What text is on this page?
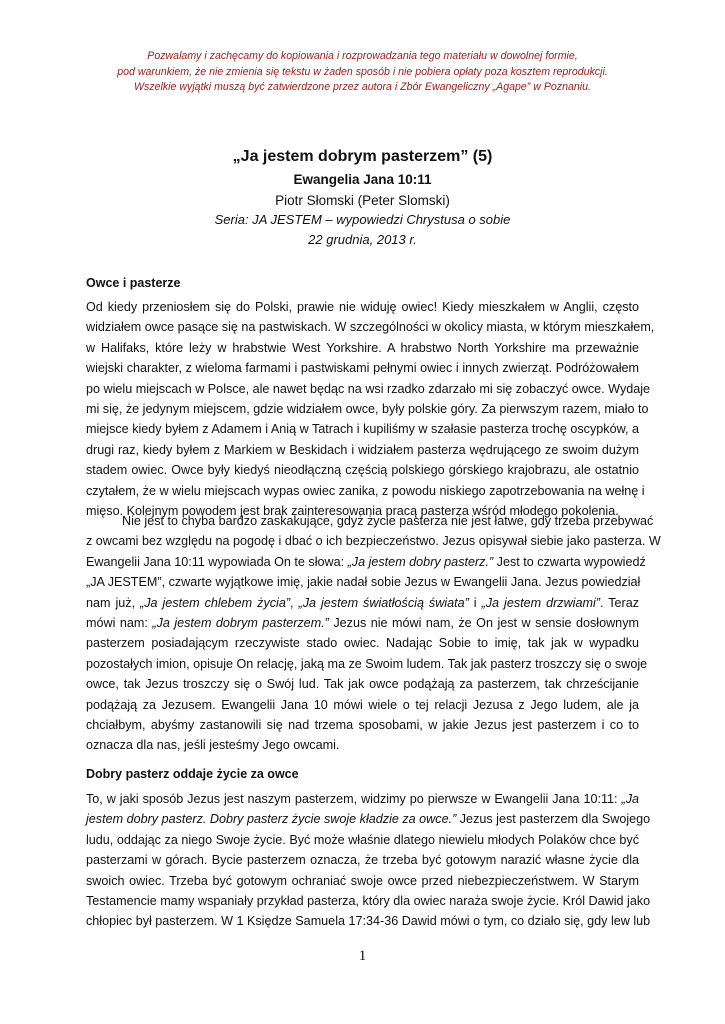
Pozwalamy i zachęcamy do kopiowania i rozprowadzania tego materiału w dowolnej formie,
pod warunkiem, że nie zmienia się tekstu w żaden sposób i nie pobiera opłaty poza kosztem reprodukcji.
Wszelkie wyjątki muszą być zatwierdzone przez autora i Zbór Ewangeliczny „Agape” w Poznaniu.
„Ja jestem dobrym pasterzem” (5)
Ewangelia Jana 10:11
Piotr Słomski (Peter Slomski)
Seria: JA JESTEM – wypowiedzi Chrystusa o sobie
22 grudnia, 2013 r.
Owce i pasterze
Od kiedy przeniosłem się do Polski, prawie nie widuję owiec! Kiedy mieszkałem w Anglii, często
widziałem owce pasące się na pastwiskach. W szczególności w okolicy miasta, w którym mieszkałem,
w Halifaks, które leży w hrabstwie West Yorkshire. A hrabstwo North Yorkshire ma przeważnie
wiejski charakter, z wieloma farmami i pastwiskami pełnymi owiec i innych zwierząt. Podróżowałem
po wielu miejscach w Polsce, ale nawet będąc na wsi rzadko zdarzało mi się zobaczyć owce. Wydaje
mi się, że jedynym miejscem, gdzie widziałem owce, były polskie góry. Za pierwszym razem, miało to
miejsce kiedy byłem z Adamem i Anią w Tatrach i kupiliśmy w szałasie pasterza trochę oscypków, a
drugi raz, kiedy byłem z Markiem w Beskidach i widziałem pasterza wędrującego ze swoim dużym
stadem owiec. Owce były kiedyś nieodłączną częścią polskiego górskiego krajobrazu, ale ostatnio
czytałem, że w wielu miejscach wypas owiec zanika, z powodu niskiego zapotrzebowania na wełnę i
mięso. Kolejnym powodem jest brak zainteresowania pracą pasterza wśród młodego pokolenia.
Nie jest to chyba bardzo zaskakujące, gdyż życie pasterza nie jest łatwe, gdy trzeba przebywać
z owcami bez względu na pogodę i dbać o ich bezpieczeństwo. Jezus opisywał siebie jako pasterza. W
Ewangelii Jana 10:11 wypowiada On te słowa: „Ja jestem dobry pasterz.” Jest to czwarta wypowiedź
„JA JESTEM”, czwarte wyjątkowe imię, jakie nadał sobie Jezus w Ewangelii Jana. Jezus powiedział
nam już, „Ja jestem chlebem życia”, „Ja jestem światłością świata” i „Ja jestem drzwiami”. Teraz
mówi nam: „Ja jestem dobrym pasterzem.” Jezus nie mówi nam, że On jest w sensie dosłownym
pasterzem posiadającym rzeczywiste stado owiec. Nadając Sobie to imię, tak jak w wypadku
pozostałych imion, opisuje On relację, jaką ma ze Swoim ludem. Tak jak pasterz troszczy się o swoje
owce, tak Jezus troszczy się o Swój lud. Tak jak owce podążają za pasterzem, tak chrześcijanie
podążają za Jezusem. Ewangelii Jana 10 mówi wiele o tej relacji Jezusa z Jego ludem, ale ja
chciałbym, abyśmy zastanowili się nad trzema sposobami, w jakie Jezus jest pasterzem i co to
oznacza dla nas, jeśli jesteśmy Jego owcami.
Dobry pasterz oddaje życie za owce
To, w jaki sposób Jezus jest naszym pasterzem, widzimy po pierwsze w Ewangelii Jana 10:11: „Ja
jestem dobry pasterz. Dobry pasterz życie swoje kładzie za owce.” Jezus jest pasterzem dla Swojego
ludu, oddając za niego Swoje życie. Być może właśnie dlatego niewielu młodych Polaków chce być
pasterzami w górach. Bycie pasterzem oznacza, że trzeba być gotowym narazić własne życie dla
swoich owiec. Trzeba być gotowym ochraniać swoje owce przed niebezpieczeństwem. W Starym
Testamencie mamy wspaniały przykład pasterza, który dla owiec naraża swoje życie. Król Dawid jako
chłopiec był pasterzem. W 1 Księdze Samuela 17:34-36 Dawid mówi o tym, co działo się, gdy lew lub
1
